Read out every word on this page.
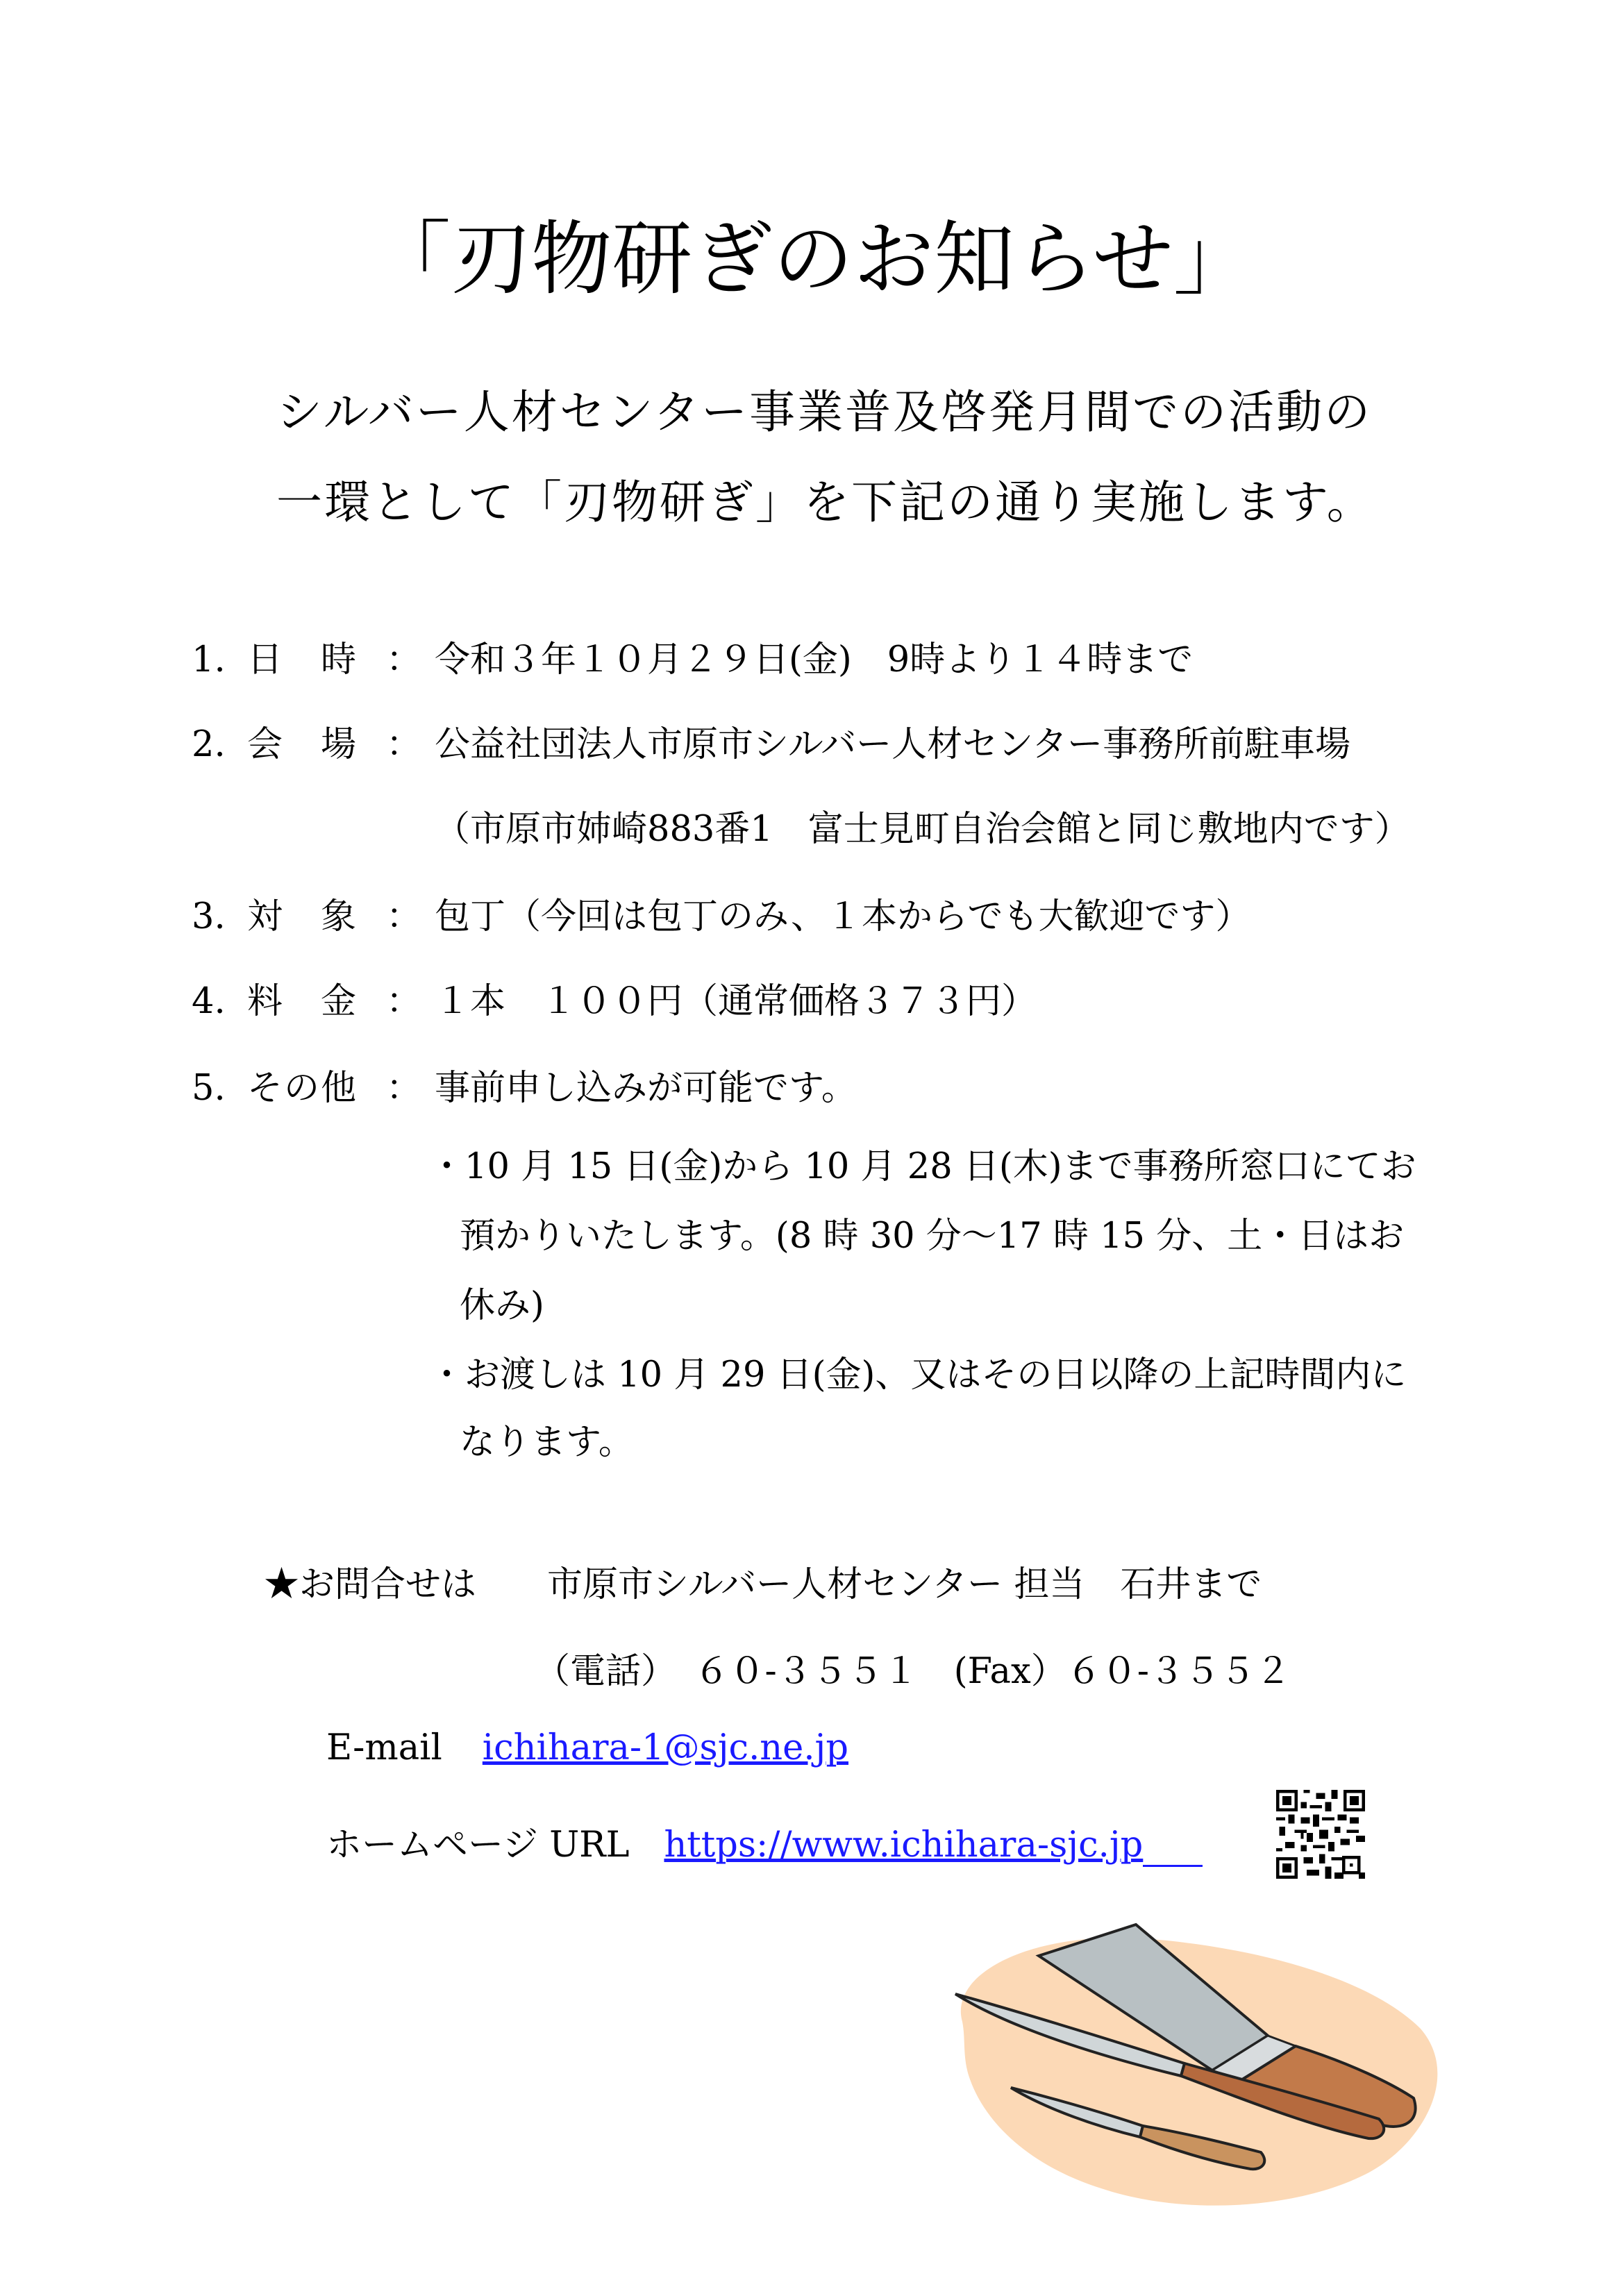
「刃物研ぎのお知らせ」
シルバー人材センター事業普及啓発月間での活動の
一環として「刃物研ぎ」を下記の通り実施します。
1. 日　時 ： 令和３年１０月２９日(金)　9時より１４時まで
2. 会　場 ： 公益社団法人市原市シルバー人材センター事務所前駐車場
（市原市姉崎883番1　富士見町自治会館と同じ敷地内です）
3. 対　象 ： 包丁（今回は包丁のみ、１本からでも大歓迎です）
4. 料　金 ： １本　１００円（通常価格３７３円）
5. その他 ： 事前申し込みが可能です。
・10 月 15 日(金)から 10 月 28 日(木)まで事務所窓口にてお
預かりいたします。(8 時 30 分～17 時 15 分、土・日はお
休み)
・お渡しは 10 月 29 日(金)、又はその日以降の上記時間内に
なります。
★お問合せは　　市原市シルバー人材センター 担当　石井まで
（電話）　６０-３５５１　(Fax）６０-３５５２
E-mail ichihara-1@sjc.ne.jp
ホームページ URL https://www.ichihara-sjc.jp
